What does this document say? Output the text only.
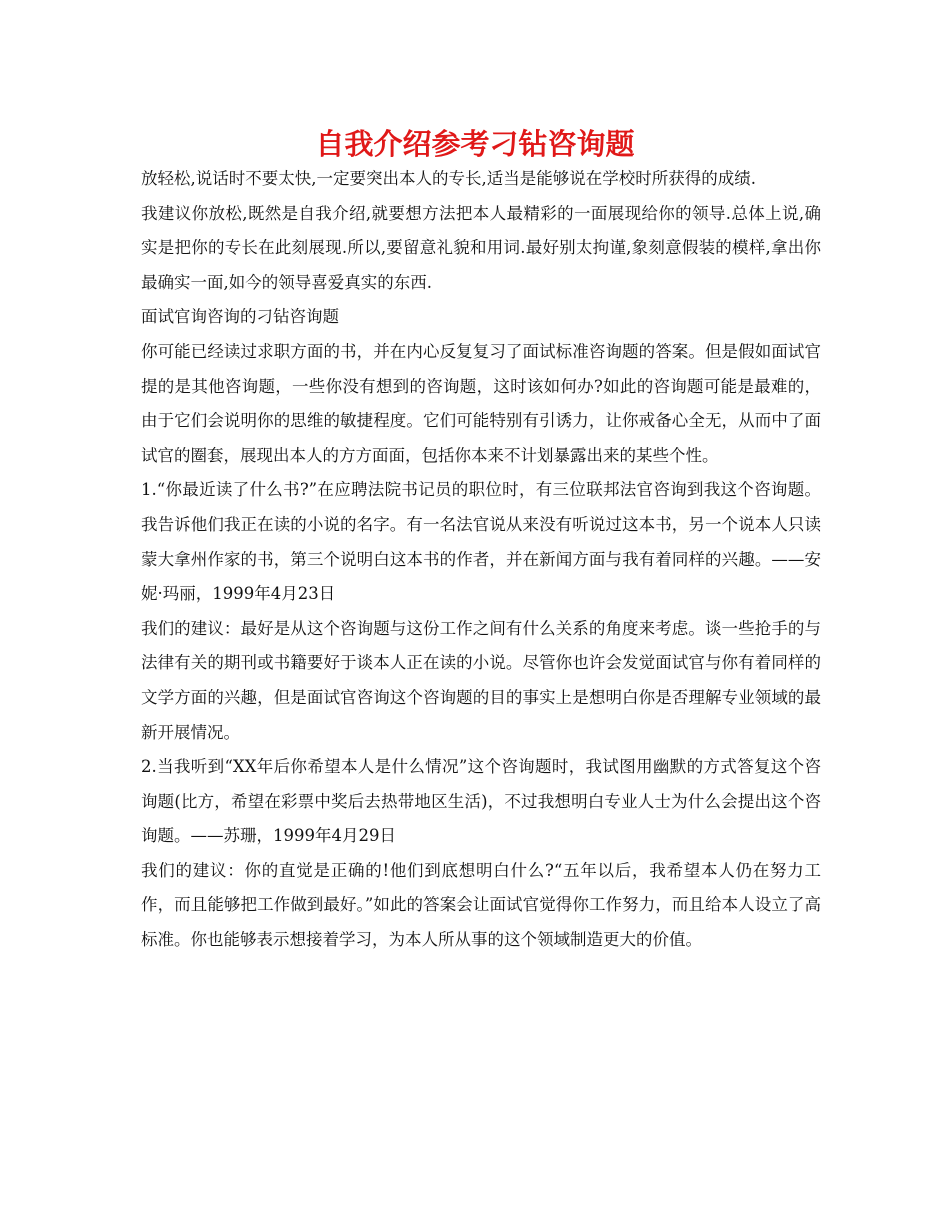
自我介绍参考刁钻咨询题

放轻松,说话时不要太快,一定要突出本人的专长,适当是能够说在学校时所获得的成绩.

我建议你放松,既然是自我介绍,就要想方法把本人最精彩的一面展现给你的领导.总体上说,确实是把你的专长在此刻展现.所以,要留意礼貌和用词.最好别太拘谨,象刻意假装的模样,拿出你最确实一面,如今的领导喜爱真实的东西.

面试官询咨询的刁钻咨询题

你可能已经读过求职方面的书，并在内心反复复习了面试标准咨询题的答案。但是假如面试官提的是其他咨询题，一些你没有想到的咨询题，这时该如何办?如此的咨询题可能是最难的，由于它们会说明你的思维的敏捷程度。它们可能特别有引诱力，让你戒备心全无，从而中了面试官的圈套，展现出本人的方方面面，包括你本来不计划暴露出来的某些个性。

1.“你最近读了什么书?”在应聘法院书记员的职位时，有三位联邦法官咨询到我这个咨询题。我告诉他们我正在读的小说的名字。有一名法官说从来没有听说过这本书，另一个说本人只读蒙大拿州作家的书，第三个说明白这本书的作者，并在新闻方面与我有着同样的兴趣。——安妮·玛丽，1999年4月23日

我们的建议：最好是从这个咨询题与这份工作之间有什么关系的角度来考虑。谈一些抢手的与法律有关的期刊或书籍要好于谈本人正在读的小说。尽管你也许会发觉面试官与你有着同样的文学方面的兴趣，但是面试官咨询这个咨询题的目的事实上是想明白你是否理解专业领域的最新开展情况。

2.当我听到“XX年后你希望本人是什么情况”这个咨询题时，我试图用幽默的方式答复这个咨询题(比方，希望在彩票中奖后去热带地区生活)，不过我想明白专业人士为什么会提出这个咨询题。——苏珊，1999年4月29日

我们的建议：你的直觉是正确的!他们到底想明白什么?“五年以后，我希望本人仍在努力工作，而且能够把工作做到最好。”如此的答案会让面试官觉得你工作努力，而且给本人设立了高标准。你也能够表示想接着学习，为本人所从事的这个领域制造更大的价值。
